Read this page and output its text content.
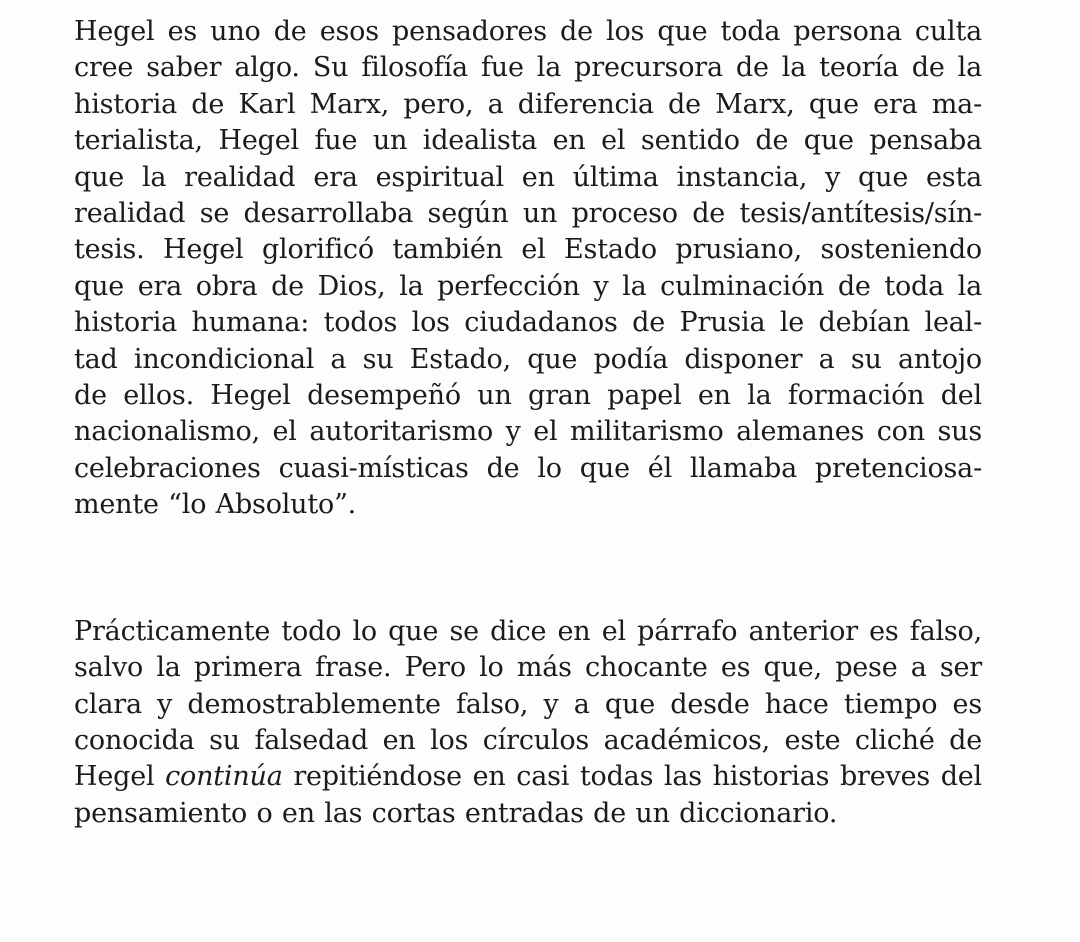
Hegel es uno de esos pensadores de los que toda persona culta
cree saber algo. Su filosofía fue la precursora de la teoría de la
historia de Karl Marx, pero, a diferencia de Marx, que era ma-
terialista, Hegel fue un idealista en el sentido de que pensaba
que la realidad era espiritual en última instancia, y que esta
realidad se desarrollaba según un proceso de tesis/antítesis/sín-
tesis. Hegel glorificó también el Estado prusiano, sosteniendo
que era obra de Dios, la perfección y la culminación de toda la
historia humana: todos los ciudadanos de Prusia le debían leal-
tad incondicional a su Estado, que podía disponer a su antojo
de ellos. Hegel desempeñó un gran papel en la formación del
nacionalismo, el autoritarismo y el militarismo alemanes con sus
celebraciones cuasi-místicas de lo que él llamaba pretenciosa-
mente “lo Absoluto”.

Prácticamente todo lo que se dice en el párrafo anterior es falso,
salvo la primera frase. Pero lo más chocante es que, pese a ser
clara y demostrablemente falso, y a que desde hace tiempo es
conocida su falsedad en los círculos académicos, este cliché de
Hegel continúa repitiéndose en casi todas las historias breves del
pensamiento o en las cortas entradas de un diccionario.
